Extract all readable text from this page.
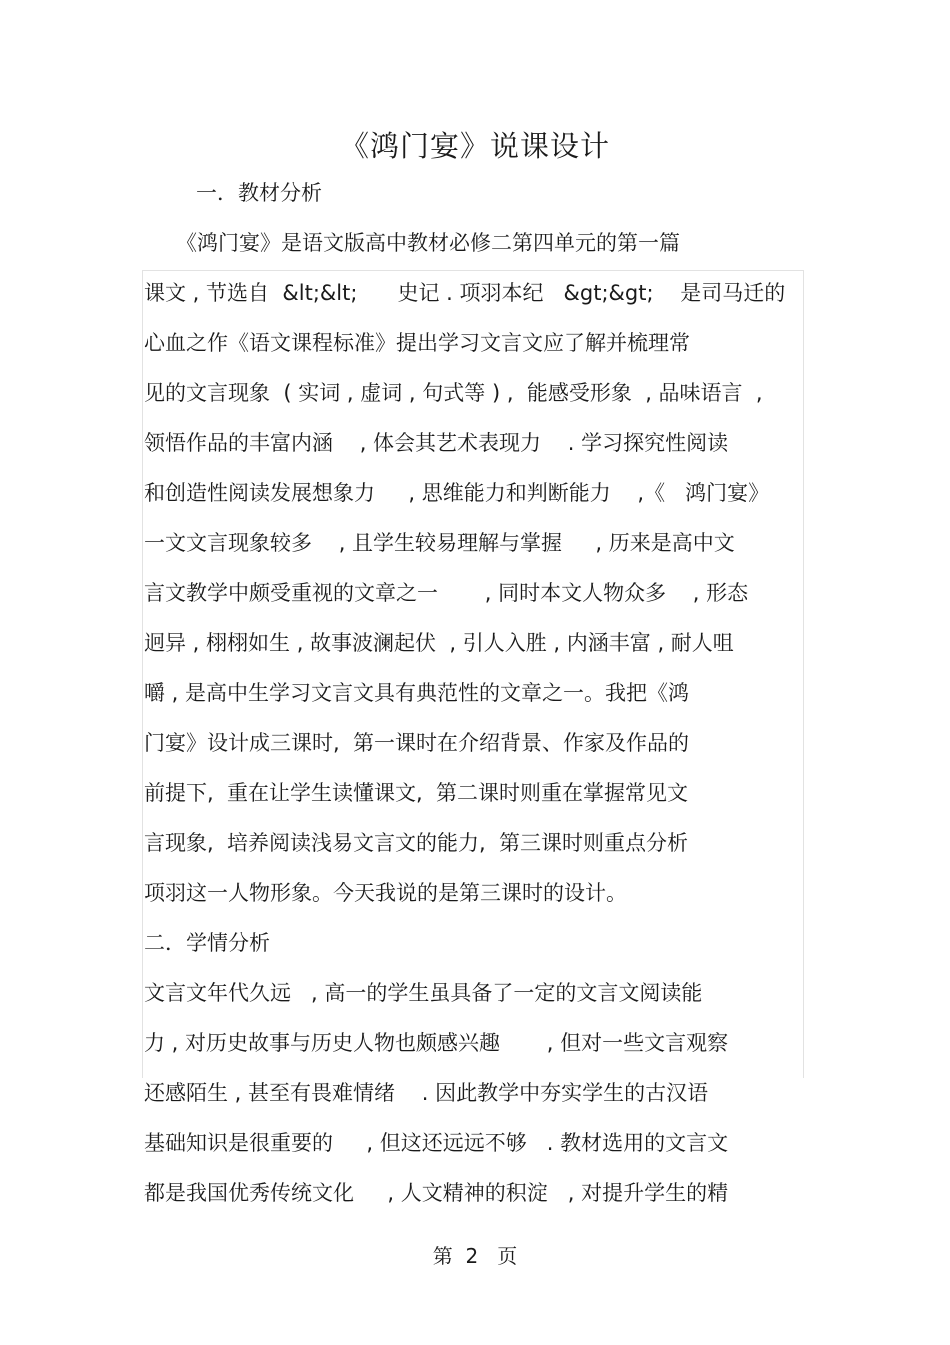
《鸿门宴》说课设计

一．教材分析

《鸿门宴》是语文版高中教材必修二第四单元的第一篇

课文 , 节选自  &lt;&lt;      史记 . 项羽本纪   &gt;&gt;    是司马迁的

心血之作《语文课程标准》提出学习文言文应了解并梳理常

见的文言现象  ( 实词 , 虚词 , 句式等 ) ,  能感受形象  , 品味语言  ,

领悟作品的丰富内涵    , 体会其艺术表现力    . 学习探究性阅读

和创造性阅读发展想象力     , 思维能力和判断能力    ,《   鸿门宴》

一文文言现象较多    , 且学生较易理解与掌握     , 历来是高中文

言文教学中颇受重视的文章之一       , 同时本文人物众多    , 形态

迥异 , 栩栩如生 , 故事波澜起伏  , 引人入胜 , 内涵丰富 , 耐人咀

嚼 , 是高中生学习文言文具有典范性的文章之一。我把《鸿

门宴》设计成三课时,  第一课时在介绍背景、作家及作品的

前提下,  重在让学生读懂课文,  第二课时则重在掌握常见文

言现象,  培养阅读浅易文言文的能力,  第三课时则重点分析

项羽这一人物形象。今天我说的是第三课时的设计。

二．学情分析

文言文年代久远   , 高一的学生虽具备了一定的文言文阅读能

力 , 对历史故事与历史人物也颇感兴趣       , 但对一些文言观察

还感陌生 , 甚至有畏难情绪    . 因此教学中夯实学生的古汉语

基础知识是很重要的     , 但这还远远不够   . 教材选用的文言文

都是我国优秀传统文化     , 人文精神的积淀   , 对提升学生的精

第  2   页
